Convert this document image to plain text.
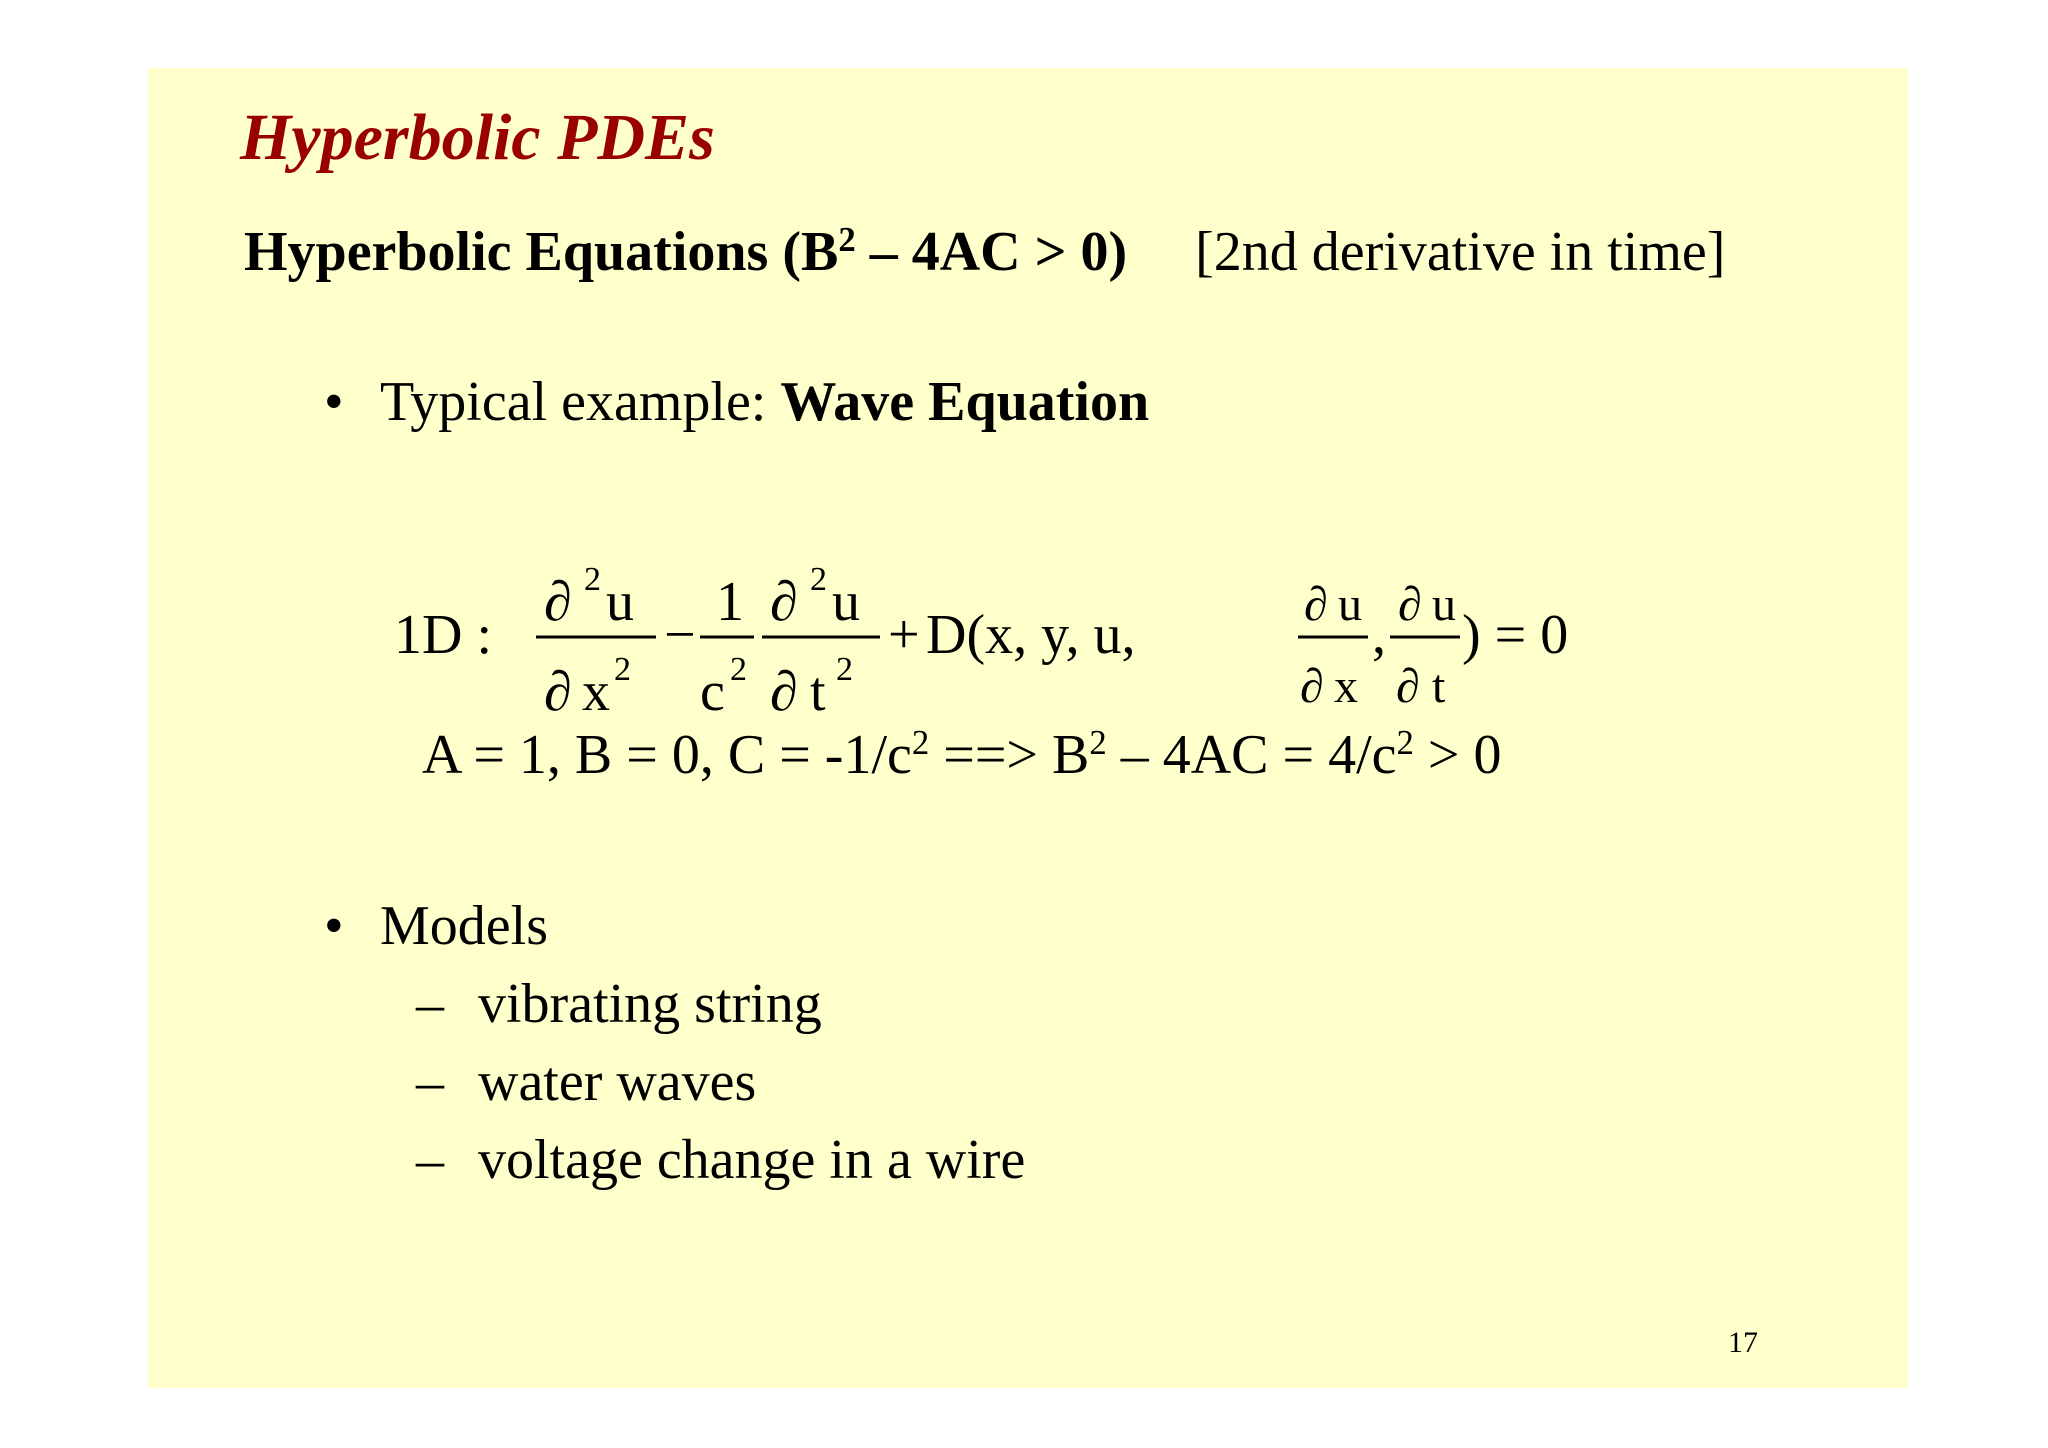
Hyperbolic PDEs
Hyperbolic Equations $(B^2 - 4AC > 0)$ [2nd derivative in time]
• Typical example: Wave Equation
1D :
∂ 2 u
∂ x 2
−
1
c 2
∂ 2 u
∂ t 2
+ D(x, y, u,	∂ u
∂ x
, ∂ u
∂ t
) = 0
A = 1, B = 0, $C = -1/c^2$ ==> $B^2 - 4AC = 4/c^2 > 0$
• Models
– vibrating string
– water waves
– voltage change in a wire
17
